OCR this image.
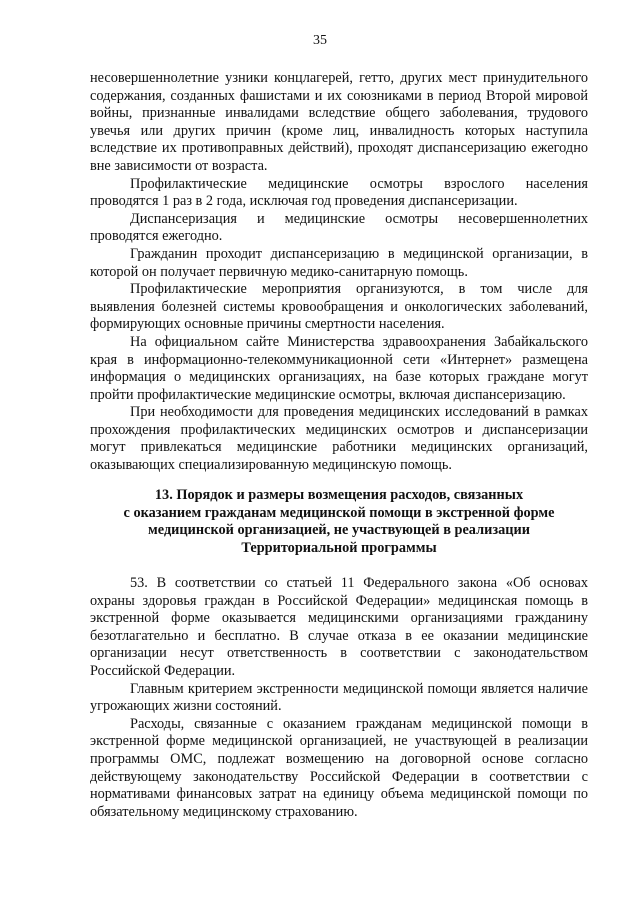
35

несовершеннолетние узники концлагерей, гетто, других мест принудительного содержания, созданных фашистами и их союзниками в период Второй мировой войны, признанные инвалидами вследствие общего заболевания, трудового увечья или других причин (кроме лиц, инвалидность которых наступила вследствие их противоправных действий), проходят диспансеризацию ежегодно вне зависимости от возраста.

Профилактические медицинские осмотры взрослого населения проводятся 1 раз в 2 года, исключая год проведения диспансеризации.

Диспансеризация и медицинские осмотры несовершеннолетних проводятся ежегодно.

Гражданин проходит диспансеризацию в медицинской организации, в которой он получает первичную медико-санитарную помощь.

Профилактические мероприятия организуются, в том числе для выявления болезней системы кровообращения и онкологических заболеваний, формирующих основные причины смертности населения.

На официальном сайте Министерства здравоохранения Забайкальского края в информационно-телекоммуникационной сети «Интернет» размещена информация о медицинских организациях, на базе которых граждане могут пройти профилактические медицинские осмотры, включая диспансеризацию.

При необходимости для проведения медицинских исследований в рамках прохождения профилактических медицинских осмотров и диспансеризации могут привлекаться медицинские работники медицинских организаций, оказывающих специализированную медицинскую помощь.

13. Порядок и размеры возмещения расходов, связанных
с оказанием гражданам медицинской помощи в экстренной форме
медицинской организацией, не участвующей в реализации
Территориальной программы

53. В соответствии со статьей 11 Федерального закона «Об основах охраны здоровья граждан в Российской Федерации» медицинская помощь в экстренной форме оказывается медицинскими организациями гражданину безотлагательно и бесплатно. В случае отказа в ее оказании медицинские организации несут ответственность в соответствии с законодательством Российской Федерации.

Главным критерием экстренности медицинской помощи является наличие угрожающих жизни состояний.

Расходы, связанные с оказанием гражданам медицинской помощи в экстренной форме медицинской организацией, не участвующей в реализации программы ОМС, подлежат возмещению на договорной основе согласно действующему законодательству Российской Федерации в соответствии с нормативами финансовых затрат на единицу объема медицинской помощи по обязательному медицинскому страхованию.
